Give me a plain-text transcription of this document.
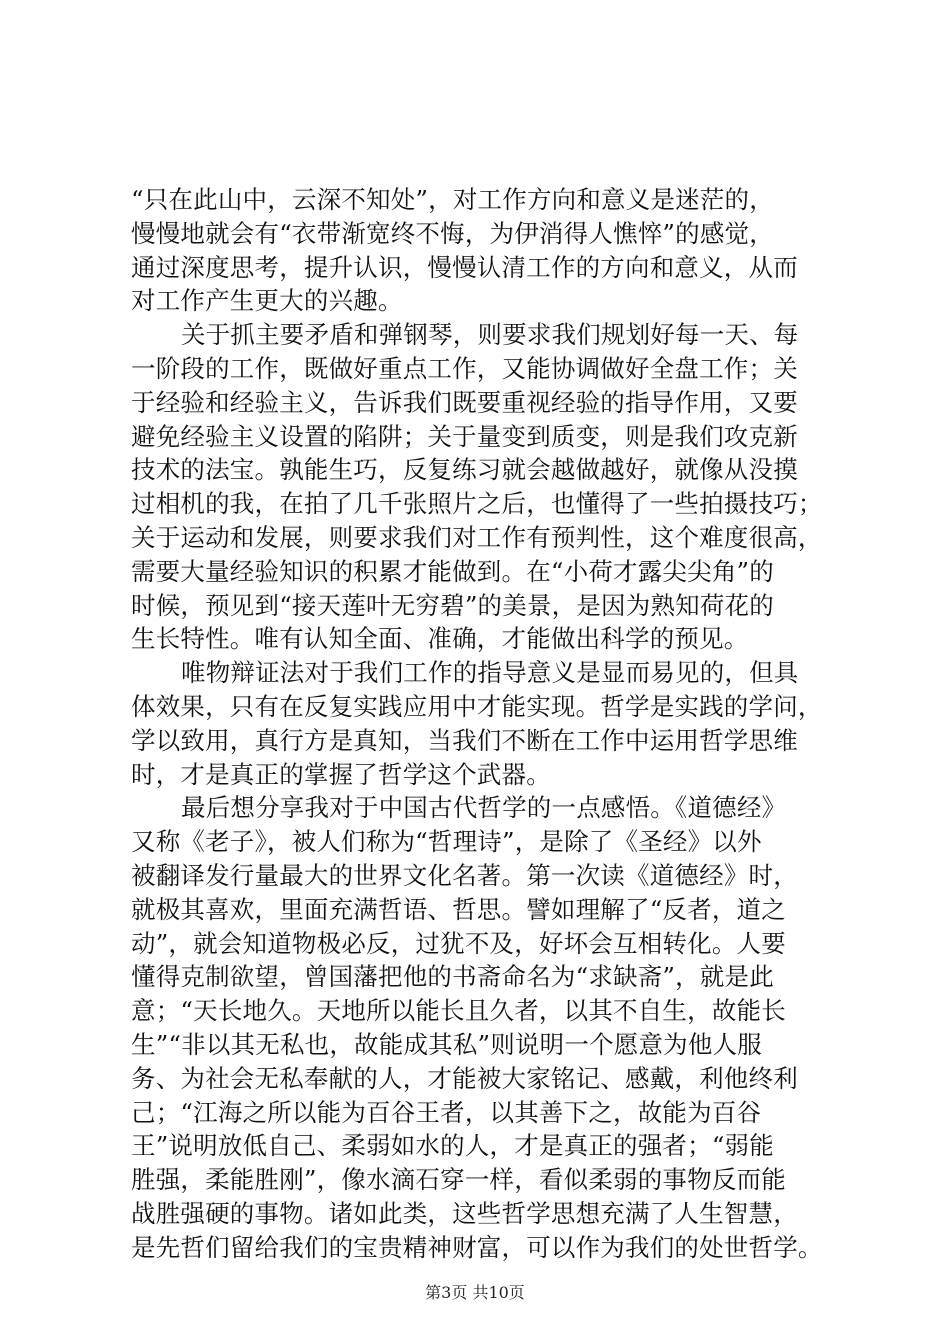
“只在此山中，云深不知处”，对工作方向和意义是迷茫的，
慢慢地就会有“衣带渐宽终不悔，为伊消得人憔悴”的感觉，
通过深度思考，提升认识，慢慢认清工作的方向和意义，从而
对工作产生更大的兴趣。
关于抓主要矛盾和弹钢琴，则要求我们规划好每一天、每
一阶段的工作，既做好重点工作，又能协调做好全盘工作；关
于经验和经验主义，告诉我们既要重视经验的指导作用，又要
避免经验主义设置的陷阱；关于量变到质变，则是我们攻克新
技术的法宝。孰能生巧，反复练习就会越做越好，就像从没摸
过相机的我，在拍了几千张照片之后，也懂得了一些拍摄技巧；
关于运动和发展，则要求我们对工作有预判性，这个难度很高，
需要大量经验知识的积累才能做到。在“小荷才露尖尖角”的
时候，预见到“接天莲叶无穷碧”的美景，是因为熟知荷花的
生长特性。唯有认知全面、准确，才能做出科学的预见。
唯物辩证法对于我们工作的指导意义是显而易见的，但具
体效果，只有在反复实践应用中才能实现。哲学是实践的学问，
学以致用，真行方是真知，当我们不断在工作中运用哲学思维
时，才是真正的掌握了哲学这个武器。
最后想分享我对于中国古代哲学的一点感悟。《道德经》
又称《老子》，被人们称为“哲理诗”，是除了《圣经》以外
被翻译发行量最大的世界文化名著。第一次读《道德经》时，
就极其喜欢，里面充满哲语、哲思。譬如理解了“反者，道之
动”，就会知道物极必反，过犹不及，好坏会互相转化。人要
懂得克制欲望，曾国藩把他的书斋命名为“求缺斋”，就是此
意；“天长地久。天地所以能长且久者，以其不自生，故能长
生”“非以其无私也，故能成其私”则说明一个愿意为他人服
务、为社会无私奉献的人，才能被大家铭记、感戴，利他终利
己；“江海之所以能为百谷王者，以其善下之，故能为百谷
王”说明放低自己、柔弱如水的人，才是真正的强者；“弱能
胜强，柔能胜刚”，像水滴石穿一样，看似柔弱的事物反而能
战胜强硬的事物。诸如此类，这些哲学思想充满了人生智慧，
是先哲们留给我们的宝贵精神财富，可以作为我们的处世哲学。
第3页 共10页
